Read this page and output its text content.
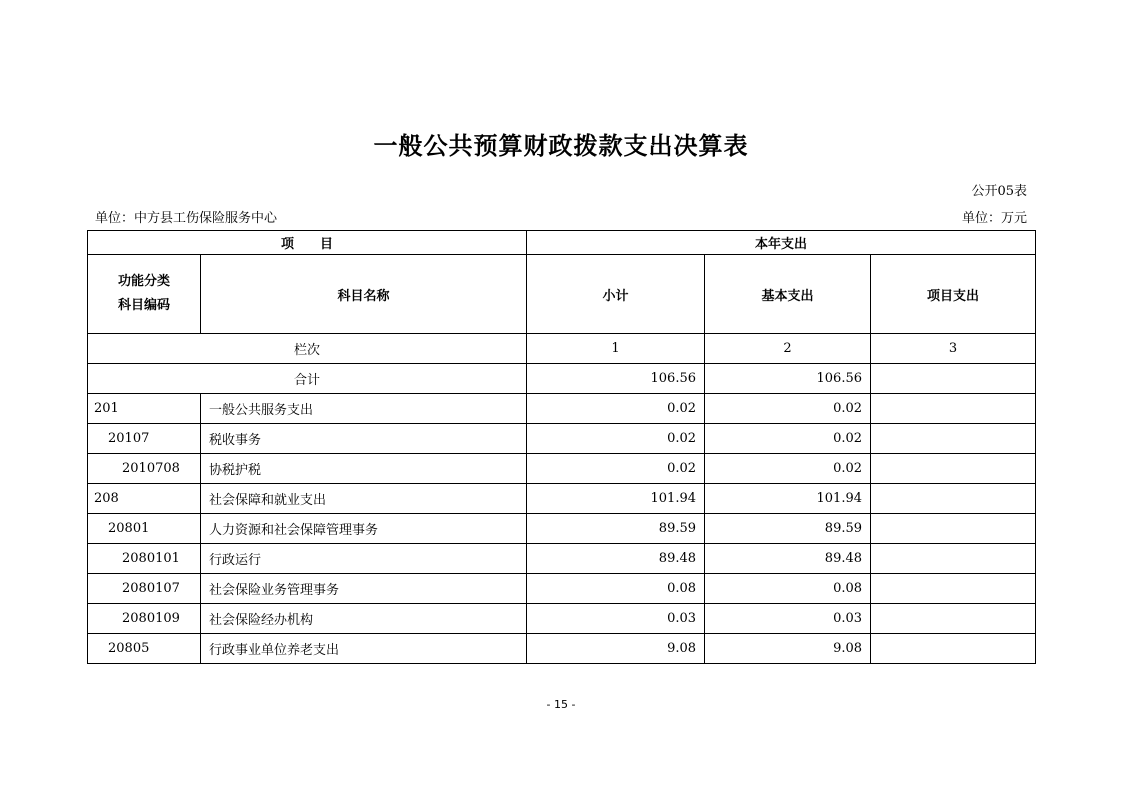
一般公共预算财政拨款支出决算表
公开05表
单位：中方县工伤保险服务中心	单位：万元
项　　目		本年支出		

功能分类
科目编码	科目名称	小计	基本支出	项目支出
栏次		1	2	3
合计		106.56	106.56	
201	一般公共服务支出	0.02	0.02	
20107	税收事务	0.02	0.02	
2010708	协税护税	0.02	0.02	
208	社会保障和就业支出	101.94	101.94	
20801	人力资源和社会保障管理事务	89.59	89.59	
2080101	行政运行	89.48	89.48	
2080107	社会保险业务管理事务	0.08	0.08	
2080109	社会保险经办机构	0.03	0.03	
20805	行政事业单位养老支出	9.08	9.08	
- 15 -
